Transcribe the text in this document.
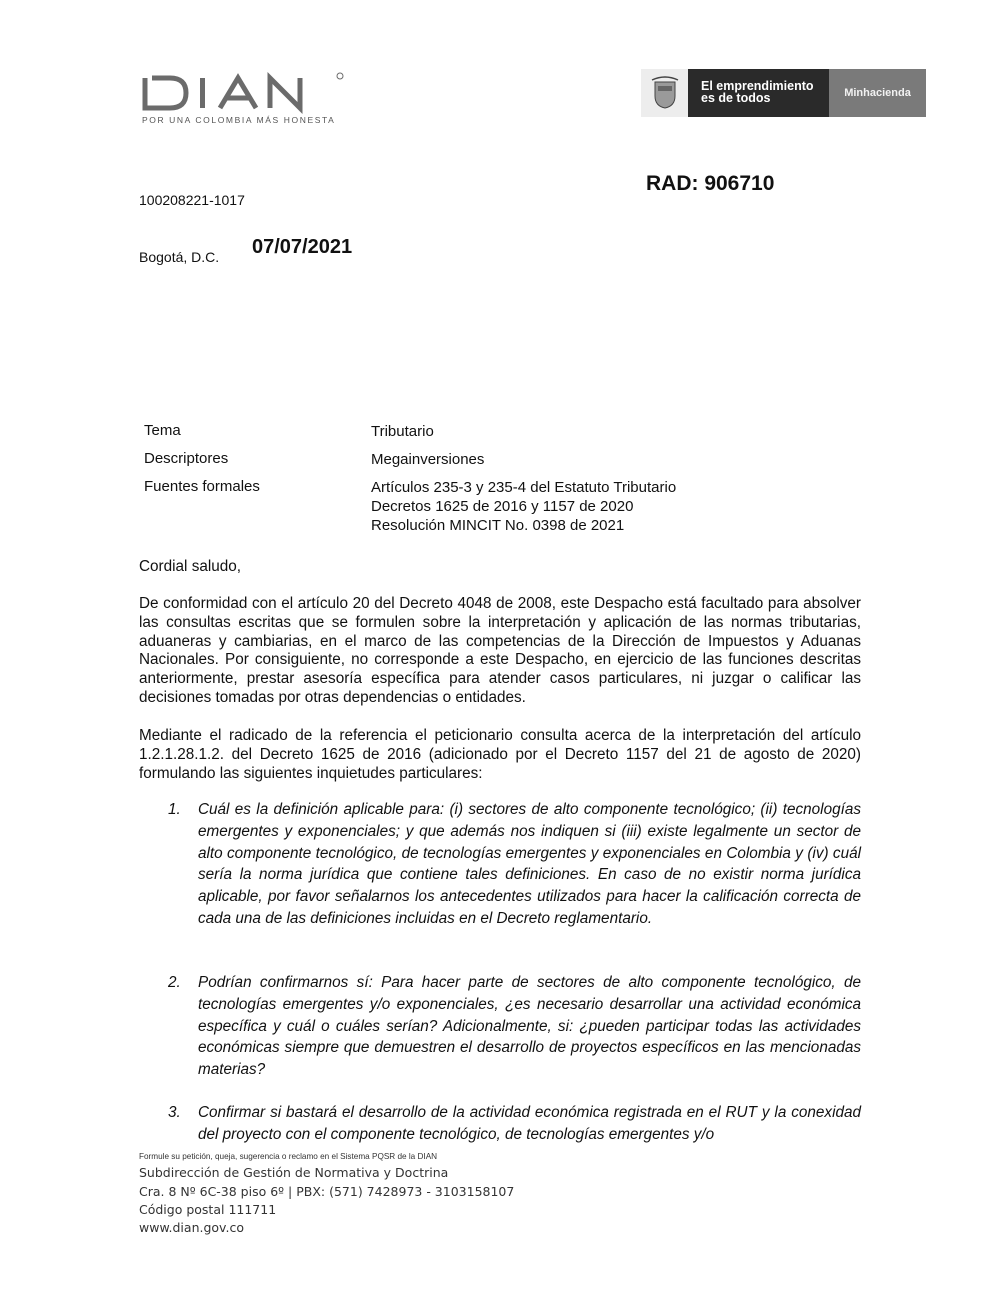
POR UNA COLOMBIA MÁS HONESTA
El emprendimiento
es de todos	Minhacienda
RAD: 906710
100208221-1017
Bogotá, D.C. 07/07/2021
Tema	Tributario
Descriptores	Megainversiones
Fuentes formales	Artículos 235-3 y 235-4 del Estatuto Tributario
Decretos 1625 de 2016 y 1157 de 2020
Resolución MINCIT No. 0398 de 2021
Cordial saludo,
De conformidad con el artículo 20 del Decreto 4048 de 2008, este Despacho está facultado para absolver las consultas escritas que se formulen sobre la interpretación y aplicación de las normas tributarias, aduaneras y cambiarias, en el marco de las competencias de la Dirección de Impuestos y Aduanas Nacionales. Por consiguiente, no corresponde a este Despacho, en ejercicio de las funciones descritas anteriormente, prestar asesoría específica para atender casos particulares, ni juzgar o calificar las decisiones tomadas por otras dependencias o entidades.
Mediante el radicado de la referencia el peticionario consulta acerca de la interpretación del artículo 1.2.1.28.1.2. del Decreto 1625 de 2016 (adicionado por el Decreto 1157 del 21 de agosto de 2020) formulando las siguientes inquietudes particulares:
1. Cuál es la definición aplicable para: (i) sectores de alto componente tecnológico; (ii) tecnologías emergentes y exponenciales; y que además nos indiquen si (iii) existe legalmente un sector de alto componente tecnológico, de tecnologías emergentes y exponenciales en Colombia y (iv) cuál sería la norma jurídica que contiene tales definiciones. En caso de no existir norma jurídica aplicable, por favor señalarnos los antecedentes utilizados para hacer la calificación correcta de cada una de las definiciones incluidas en el Decreto reglamentario.
2. Podrían confirmarnos sí: Para hacer parte de sectores de alto componente tecnológico, de tecnologías emergentes y/o exponenciales, ¿es necesario desarrollar una actividad económica específica y cuál o cuáles serían? Adicionalmente, si: ¿pueden participar todas las actividades económicas siempre que demuestren el desarrollo de proyectos específicos en las mencionadas materias?
3. Confirmar si bastará el desarrollo de la actividad económica registrada en el RUT y la conexidad del proyecto con el componente tecnológico, de tecnologías emergentes y/o
Formule su petición, queja, sugerencia o reclamo en el Sistema PQSR de la DIAN
Subdirección de Gestión de Normativa y Doctrina
Cra. 8 Nº 6C-38 piso 6º | PBX: (571) 7428973 - 3103158107
Código postal 111711
www.dian.gov.co
